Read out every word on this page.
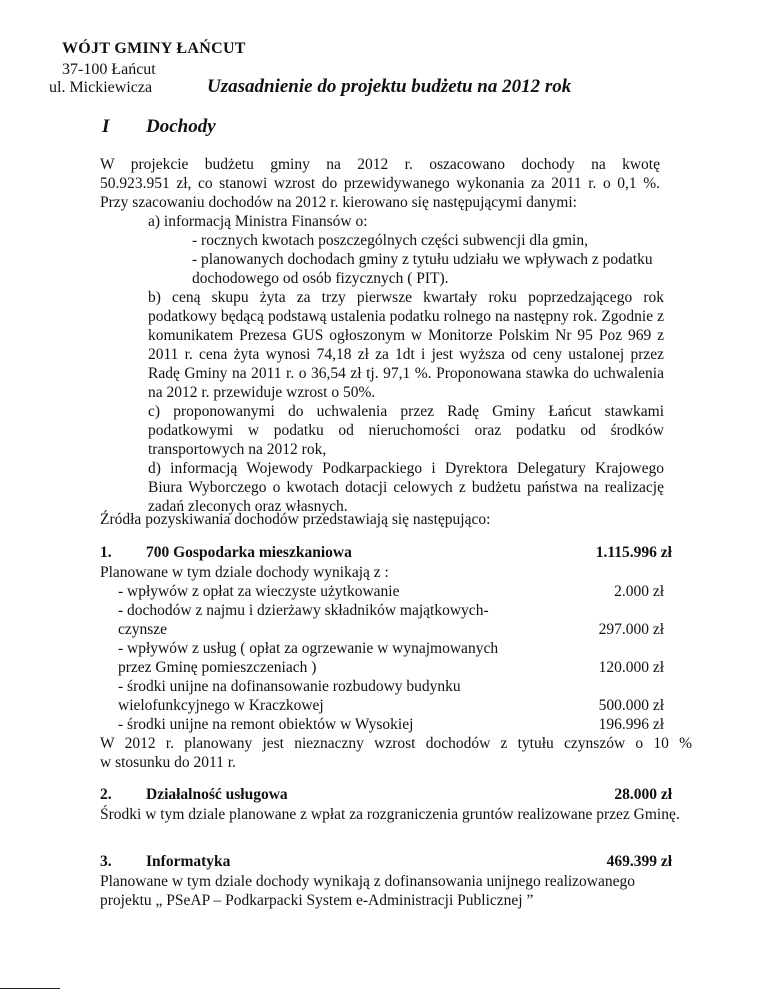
WÓJT GMINY ŁAŃCUT
37-100 Łańcut
ul. Mickiewicza	Uzasadnienie do projektu budżetu na 2012 rok
I Dochody
W projekcie budżetu gminy na 2012 r. oszacowano dochody na kwotę
50.923.951 zł, co stanowi wzrost do przewidywanego wykonania za 2011 r. o 0,1 %.
Przy szacowaniu dochodów na 2012 r. kierowano się następującymi danymi:
a) informacją Ministra Finansów o:
- rocznych kwotach poszczególnych części subwencji dla gmin,
- planowanych dochodach gminy z tytułu udziału we wpływach z podatku
dochodowego od osób fizycznych ( PIT).
b) ceną skupu żyta za trzy pierwsze kwartały roku poprzedzającego rok podatkowy będącą podstawą ustalenia podatku rolnego na następny rok. Zgodnie z komunikatem Prezesa GUS ogłoszonym w Monitorze Polskim Nr 95 Poz 969 z 2011 r. cena żyta wynosi 74,18 zł za 1dt i jest wyższa od ceny ustalonej przez Radę Gminy na 2011 r. o 36,54 zł tj. 97,1 %. Proponowana stawka do uchwalenia na 2012 r. przewiduje wzrost o 50%.
c) proponowanymi do uchwalenia przez Radę Gminy Łańcut stawkami podatkowymi w podatku od nieruchomości oraz podatku od środków transportowych na 2012 rok,
d) informacją Wojewody Podkarpackiego i Dyrektora Delegatury Krajowego Biura Wyborczego o kwotach dotacji celowych z budżetu państwa na realizację zadań zleconych oraz własnych.
Źródła pozyskiwania dochodów przedstawiają się następująco:
1. 700 Gospodarka mieszkaniowa	1.115.996 zł
Planowane w tym dziale dochody wynikają z :
- wpływów z opłat za wieczyste użytkowanie	2.000 zł
- dochodów z najmu i dzierżawy składników majątkowych-
czynsze	297.000 zł
- wpływów z usług ( opłat za ogrzewanie w wynajmowanych
przez Gminę pomieszczeniach )	120.000 zł
- środki unijne na dofinansowanie rozbudowy budynku
wielofunkcyjnego w Kraczkowej	500.000 zł
- środki unijne na remont obiektów w Wysokiej	196.996 zł
W 2012 r. planowany jest nieznaczny wzrost dochodów z tytułu czynszów o 10 %
w stosunku do 2011 r.
2. Działalność usługowa	28.000 zł
Środki w tym dziale planowane z wpłat za rozgraniczenia gruntów realizowane przez Gminę.
3. Informatyka	469.399 zł
Planowane w tym dziale dochody wynikają z dofinansowania unijnego realizowanego
projektu „ PSeAP – Podkarpacki System e-Administracji Publicznej ”
